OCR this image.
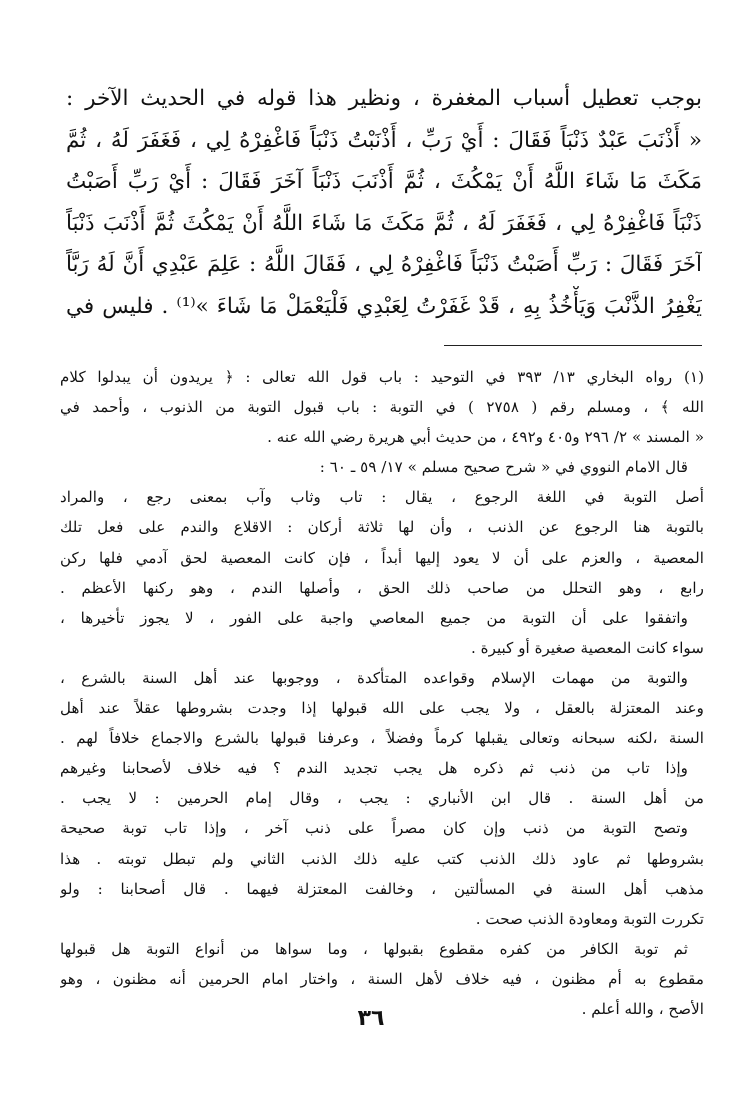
بوجب تعطيل أسباب المغفرة ، ونظير هذا قوله في الحديث الآخر :
« أَذْنَبَ عَبْدٌ ذَنْبَاً فَقَالَ : أَيْ رَبِّ ، أَذْنَبْتُ ذَنْبَاً فَاغْفِرْهُ لِي ، فَغَفَرَ لَهُ ، ثُمَّ
مَكَثَ مَا شَاءَ اللَّهُ أَنْ يَمْكُثَ ، ثُمَّ أَذْنَبَ ذَنْبَاً آخَرَ فَقَالَ : أَيْ رَبِّ أَصَبْتُ
ذَنْبَاً فَاغْفِرْهُ لِي ، فَغَفَرَ لَهُ ، ثُمَّ مَكَثَ مَا شَاءَ اللَّهُ أَنْ يَمْكُثَ ثُمَّ أَذْنَبَ ذَنْبَاً
آخَرَ فَقَالَ : رَبِّ أَصَبْتُ ذَنْبَاً فَاغْفِرْهُ لِي ، فَقَالَ اللَّهُ : عَلِمَ عَبْدِي أَنَّ لَهُ رَبَّاً
يَغْفِرُ الذَّنْبَ وَيَأْخُذُ بِهِ ، قَدْ غَفَرْتُ لِعَبْدِي فَلْيَعْمَلْ مَا شَاءَ »⁽¹⁾ . فليس في
(١) رواه البخاري ١٣/ ٣٩٣ في التوحيد : باب قول الله تعالى : ﴿ يريدون أن يبدلوا كلام
الله ﴾ ، ومسلم رقم ( ٢٧٥٨ ) في التوبة : باب قبول التوبة من الذنوب ، وأحمد في
« المسند » ٢/ ٢٩٦ و٤٠٥ و٤٩٢ ، من حديث أبي هريرة رضي الله عنه .
قال الامام النووي في « شرح صحيح مسلم » ١٧/ ٥٩ ـ ٦٠ :
أصل التوبة في اللغة الرجوع ، يقال : تاب وثاب وآب بمعنى رجع ، والمراد
بالتوبة هنا الرجوع عن الذنب ، وأن لها ثلاثة أركان : الاقلاع والندم على فعل تلك
المعصية ، والعزم على أن لا يعود إليها أبداً ، فإن كانت المعصية لحق آدمي فلها ركن
رابع ، وهو التحلل من صاحب ذلك الحق ، وأصلها الندم ، وهو ركنها الأعظم .
واتفقوا على أن التوبة من جميع المعاصي واجبة على الفور ، لا يجوز تأخيرها ،
سواء كانت المعصية صغيرة أو كبيرة .
والتوبة من مهمات الإسلام وقواعده المتأكدة ، ووجوبها عند أهل السنة بالشرع ،
وعند المعتزلة بالعقل ، ولا يجب على الله قبولها إذا وجدت بشروطها عقلاً عند أهل
السنة ،لكنه سبحانه وتعالى يقبلها كرماً وفضلاً ، وعرفنا قبولها بالشرع والاجماع خلافاً لهم .
وإذا تاب من ذنب ثم ذكره هل يجب تجديد الندم ؟ فيه خلاف لأصحابنا وغيرهم
من أهل السنة . قال ابن الأنباري : يجب ، وقال إمام الحرمين : لا يجب .
وتصح التوبة من ذنب وإن كان مصراً على ذنب آخر ، وإذا تاب توبة صحيحة
بشروطها ثم عاود ذلك الذنب كتب عليه ذلك الذنب الثاني ولم تبطل توبته . هذا
مذهب أهل السنة في المسألتين ، وخالفت المعتزلة فيهما . قال أصحابنا : ولو
تكررت التوبة ومعاودة الذنب صحت .
ثم توبة الكافر من كفره مقطوع بقبولها ، وما سواها من أنواع التوبة هل قبولها
مقطوع به أم مظنون ، فيه خلاف لأهل السنة ، واختار امام الحرمين أنه مظنون ، وهو
الأصح ، والله أعلم .
٣٦
